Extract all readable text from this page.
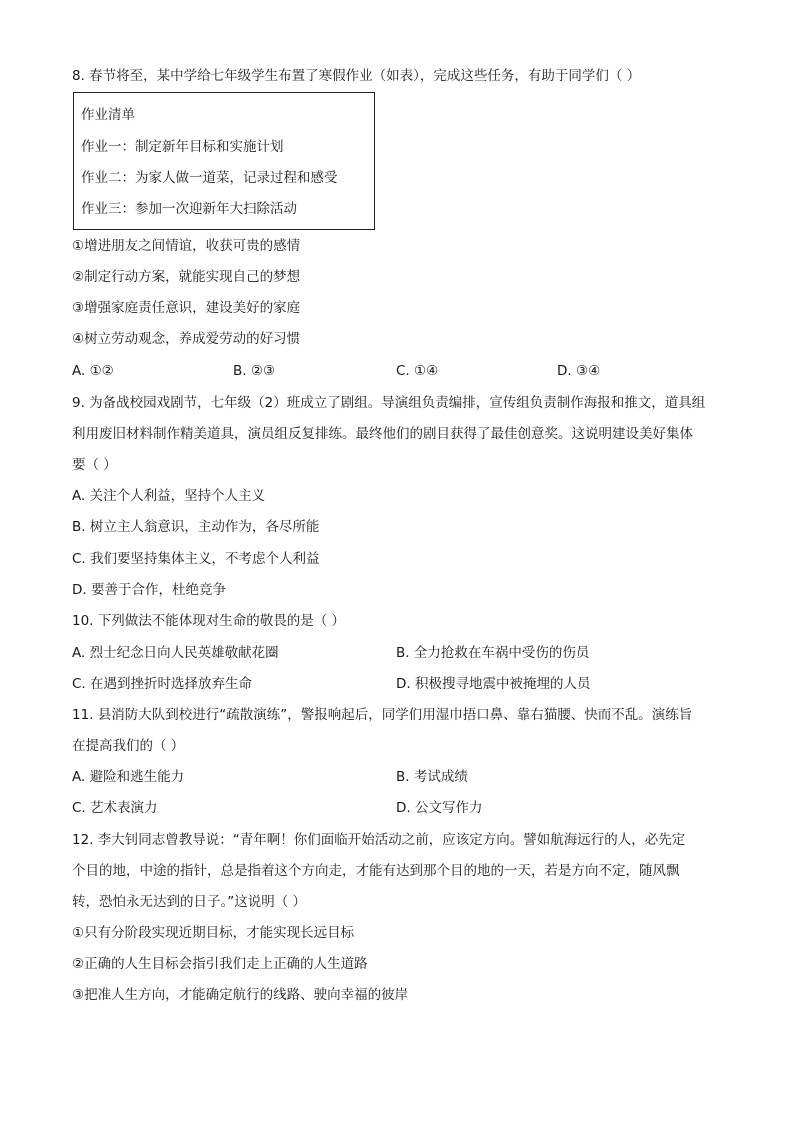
8. 春节将至，某中学给七年级学生布置了寒假作业（如表），完成这些任务，有助于同学们（ ）
作业清单
作业一：制定新年目标和实施计划
作业二：为家人做一道菜，记录过程和感受
作业三：参加一次迎新年大扫除活动
①增进朋友之间情谊，收获可贵的感情
②制定行动方案，就能实现自己的梦想
③增强家庭责任意识，建设美好的家庭
④树立劳动观念，养成爱劳动的好习惯
A. ①②	B. ②③	C. ①④	D. ③④
9. 为备战校园戏剧节，七年级（2）班成立了剧组。导演组负责编排，宣传组负责制作海报和推文，道具组
利用废旧材料制作精美道具，演员组反复排练。最终他们的剧目获得了最佳创意奖。这说明建设美好集体
要（ ）
A. 关注个人利益，坚持个人主义
B. 树立主人翁意识，主动作为，各尽所能
C. 我们要坚持集体主义，不考虑个人利益
D. 要善于合作，杜绝竞争
10. 下列做法不能体现对生命的敬畏的是（ ）
A. 烈士纪念日向人民英雄敬献花圈	B. 全力抢救在车祸中受伤的伤员
C. 在遇到挫折时选择放弃生命	D. 积极搜寻地震中被掩埋的人员
11. 县消防大队到校进行“疏散演练”，警报响起后，同学们用湿巾捂口鼻、靠右猫腰、快而不乱。演练旨
在提高我们的（ ）
A. 避险和逃生能力	B. 考试成绩
C. 艺术表演力	D. 公文写作力
12. 李大钊同志曾教导说：“青年啊！你们面临开始活动之前，应该定方向。譬如航海远行的人，必先定
个目的地，中途的指针，总是指着这个方向走，才能有达到那个目的地的一天，若是方向不定，随风飘
转，恐怕永无达到的日子。”这说明（ ）
①只有分阶段实现近期目标，才能实现长远目标
②正确的人生目标会指引我们走上正确的人生道路
③把准人生方向，才能确定航行的线路、驶向幸福的彼岸
